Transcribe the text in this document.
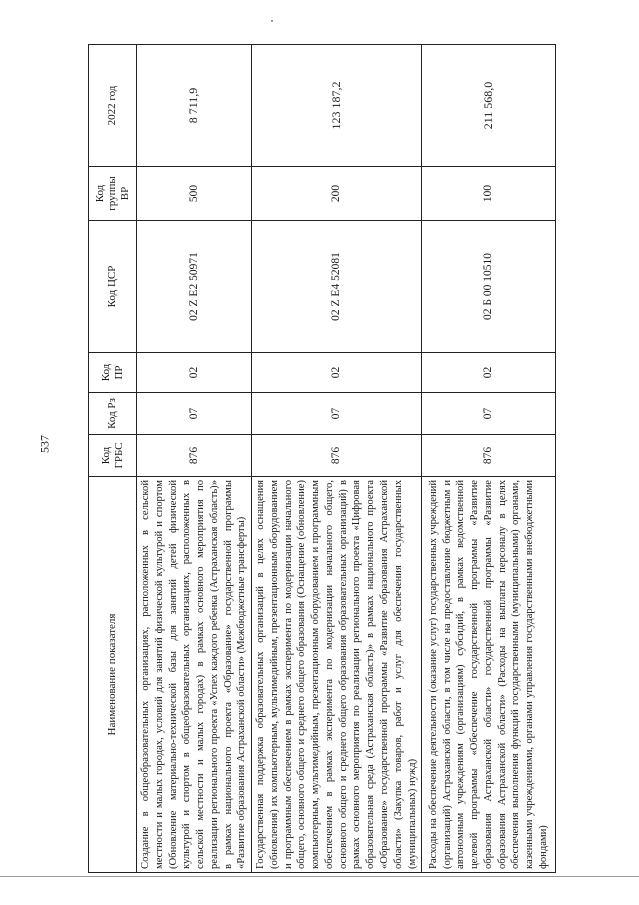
537
Наименование показателя	Код ГРБС	Код Рз	Код ПР	Код ЦСР	Код группы ВР	2022 год
Создание в общеобразовательных организациях, расположенных в сельской местности и малых городах, условий для занятий физической культурой и спортом (Обновление материально-технической базы для занятий детей физической культурой и спортом в общеобразовательных организациях, расположенных в сельской местности и малых городах) в рамках основного мероприятия по реализации регионального проекта «Успех каждого ребенка (Астраханская область)» в рамках национального проекта «Образование» государственной программы «Развитие образования Астраханской области» (Межбюджетные трансферты)	876	07	02	02 Z E2 50971	500	8 711,9
Государственная поддержка образовательных организаций в целях оснащения (обновления) их компьютерным, мультимедийным, презентационным оборудованием и программным обеспечением в рамках эксперимента по модернизации начального общего, основного общего и среднего общего образования (Оснащение (обновление) компьютерным, мультимедийным, презентационным оборудованием и программным обеспечением в рамках эксперимента по модернизации начального общего, основного общего и среднего общего образования образовательных организаций) в рамках основного мероприятия по реализации регионального проекта «Цифровая образовательная среда (Астраханская область)» в рамках национального проекта «Образование» государственной программы «Развитие образования Астраханской области» (Закупка товаров, работ и услуг для обеспечения государственных (муниципальных) нужд)	876	07	02	02 Z E4 52081	200	123 187,2
Расходы на обеспечение деятельности (оказание услуг) государственных учреждений (организаций) Астраханской области, в том числе на предоставление бюджетным и автономным учреждениям (организациям) субсидий, в рамках ведомственной целевой программы «Обеспечение государственной программы «Развитие образования Астраханской области» государственной программы «Развитие образования Астраханской области» (Расходы на выплаты персоналу в целях обеспечения выполнения функций государственными (муниципальными) органами, казенными учреждениями, органами управления государственными внебюджетными фондами)	876	07	02	02 Б 00 10510	100	211 568,0
